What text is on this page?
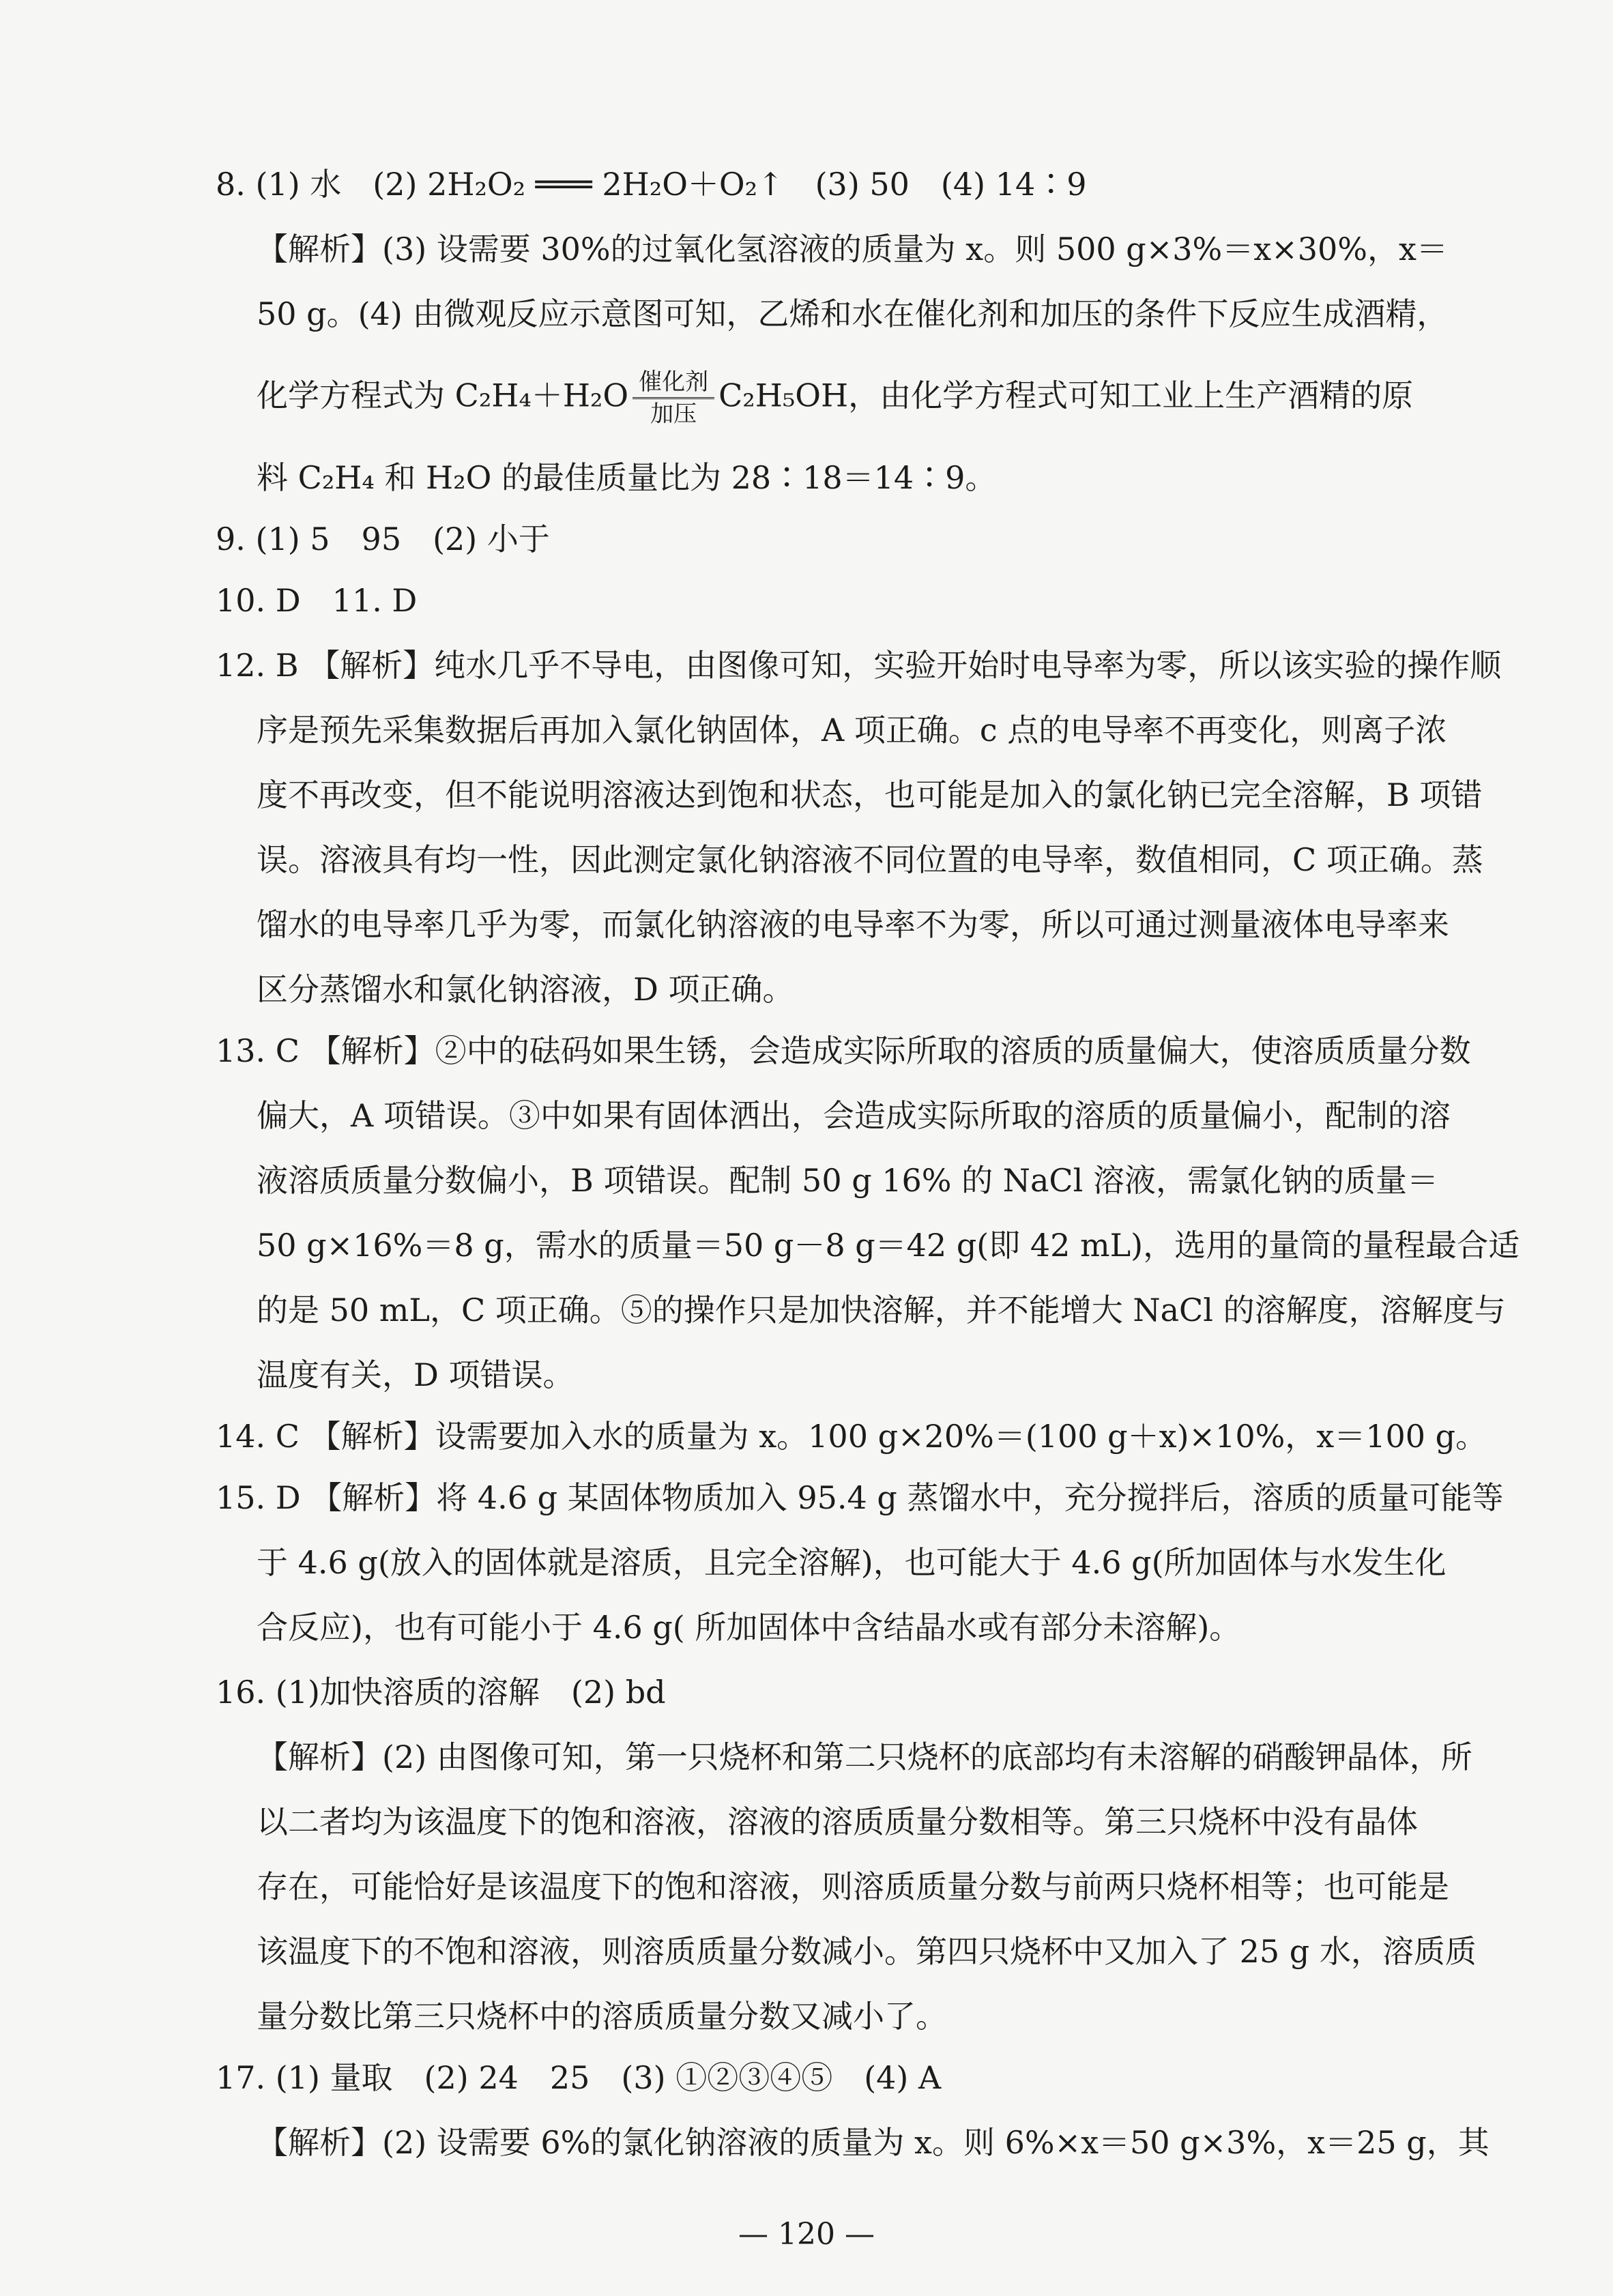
8. (1) 水　(2) 2H₂O₂ ═══ 2H₂O＋O₂↑　(3) 50　(4) 14∶9
【解析】(3) 设需要 30%的过氧化氢溶液的质量为 x。则 500 g×3%＝x×30%，x＝
50 g。(4) 由微观反应示意图可知，乙烯和水在催化剂和加压的条件下反应生成酒精，
化学方程式为 C₂H₄＋H₂O 催化剂
加压
C₂H₅OH，由化学方程式可知工业上生产酒精的原
料 C₂H₄ 和 H₂O 的最佳质量比为 28∶18＝14∶9。
9. (1) 5　95　(2) 小于
10. D　11. D
12. B 【解析】纯水几乎不导电，由图像可知，实验开始时电导率为零，所以该实验的操作顺
序是预先采集数据后再加入氯化钠固体，A 项正确。c 点的电导率不再变化，则离子浓
度不再改变，但不能说明溶液达到饱和状态，也可能是加入的氯化钠已完全溶解，B 项错
误。溶液具有均一性，因此测定氯化钠溶液不同位置的电导率，数值相同，C 项正确。蒸
馏水的电导率几乎为零，而氯化钠溶液的电导率不为零，所以可通过测量液体电导率来
区分蒸馏水和氯化钠溶液，D 项正确。
13. C 【解析】②中的砝码如果生锈，会造成实际所取的溶质的质量偏大，使溶质质量分数
偏大，A 项错误。③中如果有固体洒出，会造成实际所取的溶质的质量偏小，配制的溶
液溶质质量分数偏小，B 项错误。配制 50 g 16% 的 NaCl 溶液，需氯化钠的质量＝
50 g×16%＝8 g，需水的质量＝50 g－8 g＝42 g(即 42 mL)，选用的量筒的量程最合适
的是 50 mL，C 项正确。⑤的操作只是加快溶解，并不能增大 NaCl 的溶解度，溶解度与
温度有关，D 项错误。
14. C 【解析】设需要加入水的质量为 x。100 g×20%＝(100 g＋x)×10%，x＝100 g。
15. D 【解析】将 4.6 g 某固体物质加入 95.4 g 蒸馏水中，充分搅拌后，溶质的质量可能等
于 4.6 g(放入的固体就是溶质，且完全溶解)，也可能大于 4.6 g(所加固体与水发生化
合反应)，也有可能小于 4.6 g( 所加固体中含结晶水或有部分未溶解)。
16. (1)加快溶质的溶解　(2) bd
【解析】(2) 由图像可知，第一只烧杯和第二只烧杯的底部均有未溶解的硝酸钾晶体，所
以二者均为该温度下的饱和溶液，溶液的溶质质量分数相等。第三只烧杯中没有晶体
存在，可能恰好是该温度下的饱和溶液，则溶质质量分数与前两只烧杯相等；也可能是
该温度下的不饱和溶液，则溶质质量分数减小。第四只烧杯中又加入了 25 g 水，溶质质
量分数比第三只烧杯中的溶质质量分数又减小了。
17. (1) 量取　(2) 24　25　(3) ①②③④⑤　(4) A
【解析】(2) 设需要 6%的氯化钠溶液的质量为 x。则 6%×x＝50 g×3%，x＝25 g，其
— 120 —
